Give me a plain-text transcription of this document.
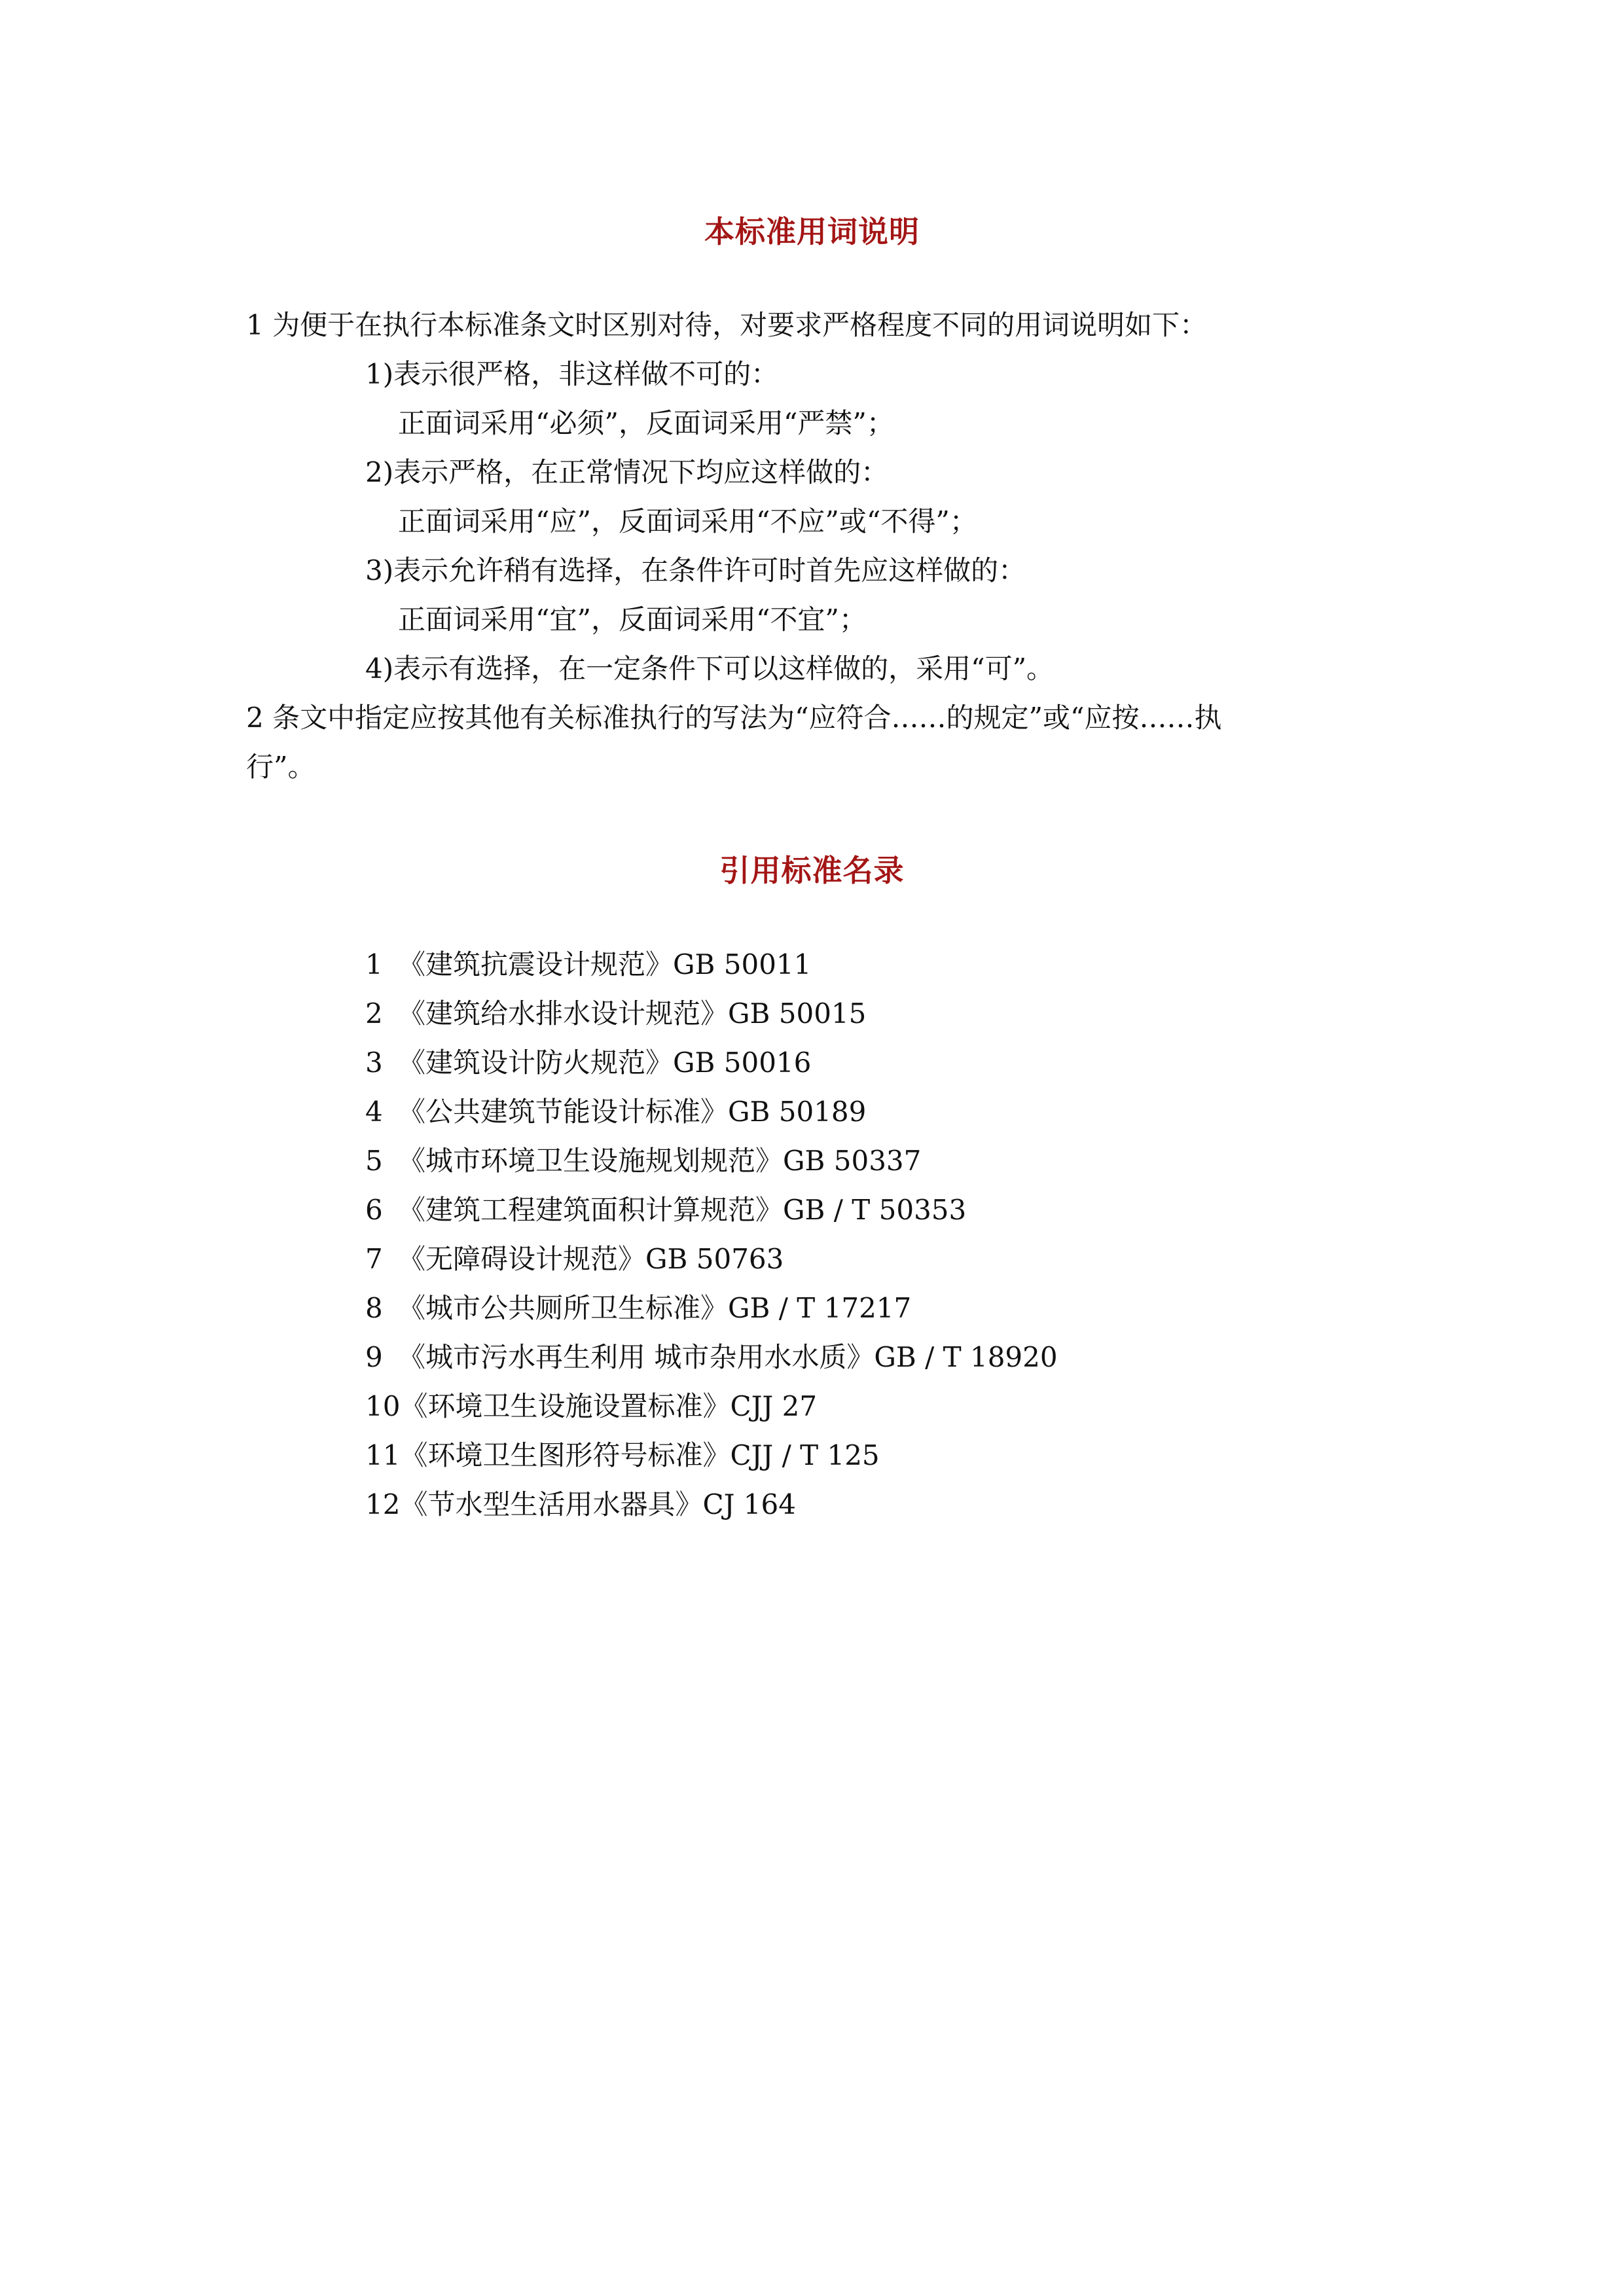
本标准用词说明
1 为便于在执行本标准条文时区别对待，对要求严格程度不同的用词说明如下：
1)表示很严格，非这样做不可的：
正面词采用“必须”，反面词采用“严禁”；
2)表示严格，在正常情况下均应这样做的：
正面词采用“应”，反面词采用“不应”或“不得”；
3)表示允许稍有选择，在条件许可时首先应这样做的：
正面词采用“宜”，反面词采用“不宜”；
4)表示有选择，在一定条件下可以这样做的，采用“可”。
2 条文中指定应按其他有关标准执行的写法为“应符合……的规定”或“应按……执
行”。
引用标准名录
1 《建筑抗震设计规范》GB 50011
2 《建筑给水排水设计规范》GB 50015
3 《建筑设计防火规范》GB 50016
4 《公共建筑节能设计标准》GB 50189
5 《城市环境卫生设施规划规范》GB 50337
6 《建筑工程建筑面积计算规范》GB / T 50353
7 《无障碍设计规范》GB 50763
8 《城市公共厕所卫生标准》GB / T 17217
9 《城市污水再生利用 城市杂用水水质》GB / T 18920
10《环境卫生设施设置标准》CJJ 27
11《环境卫生图形符号标准》CJJ / T 125
12《节水型生活用水器具》CJ 164
